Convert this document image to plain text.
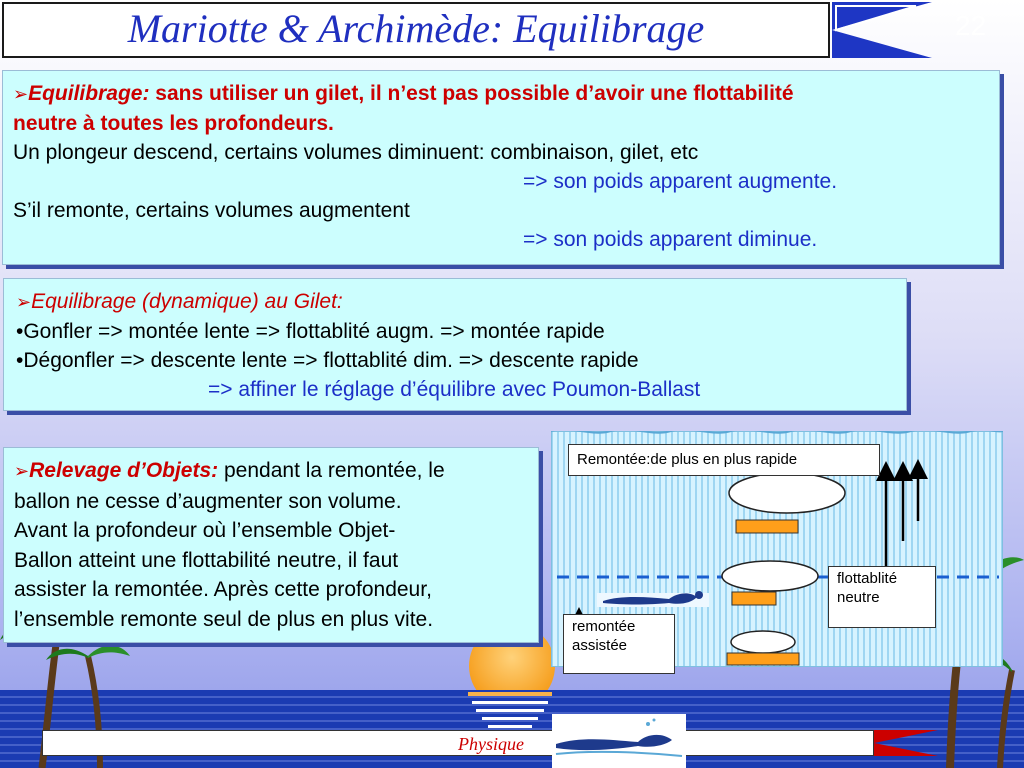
Mariotte & Archimède: Equilibrage	22
➢Equilibrage: sans utiliser un gilet, il n’est pas possible d’avoir une flottabilité
neutre à toutes les profondeurs.
Un plongeur descend, certains volumes diminuent: combinaison, gilet, etc
=> son poids apparent augmente.
S’il remonte, certains volumes augmentent
=> son poids apparent diminue.
➢Equilibrage (dynamique) au Gilet:
•Gonfler => montée lente => flottablité augm. => montée rapide
•Dégonfler => descente lente => flottablité dim. => descente rapide
=> affiner le réglage d’équilibre avec Poumon-Ballast
Remontée:de plus en plus rapide
flottablité
neutre
remontée
assistée
➢Relevage d’Objets: pendant la remontée, le
ballon ne cesse d’augmenter son volume.
Avant la profondeur où l’ensemble Objet-
Ballon atteint une flottabilité neutre, il faut
assister la remontée. Après cette profondeur,
l’ensemble remonte seul de plus en plus vite.
Physique
